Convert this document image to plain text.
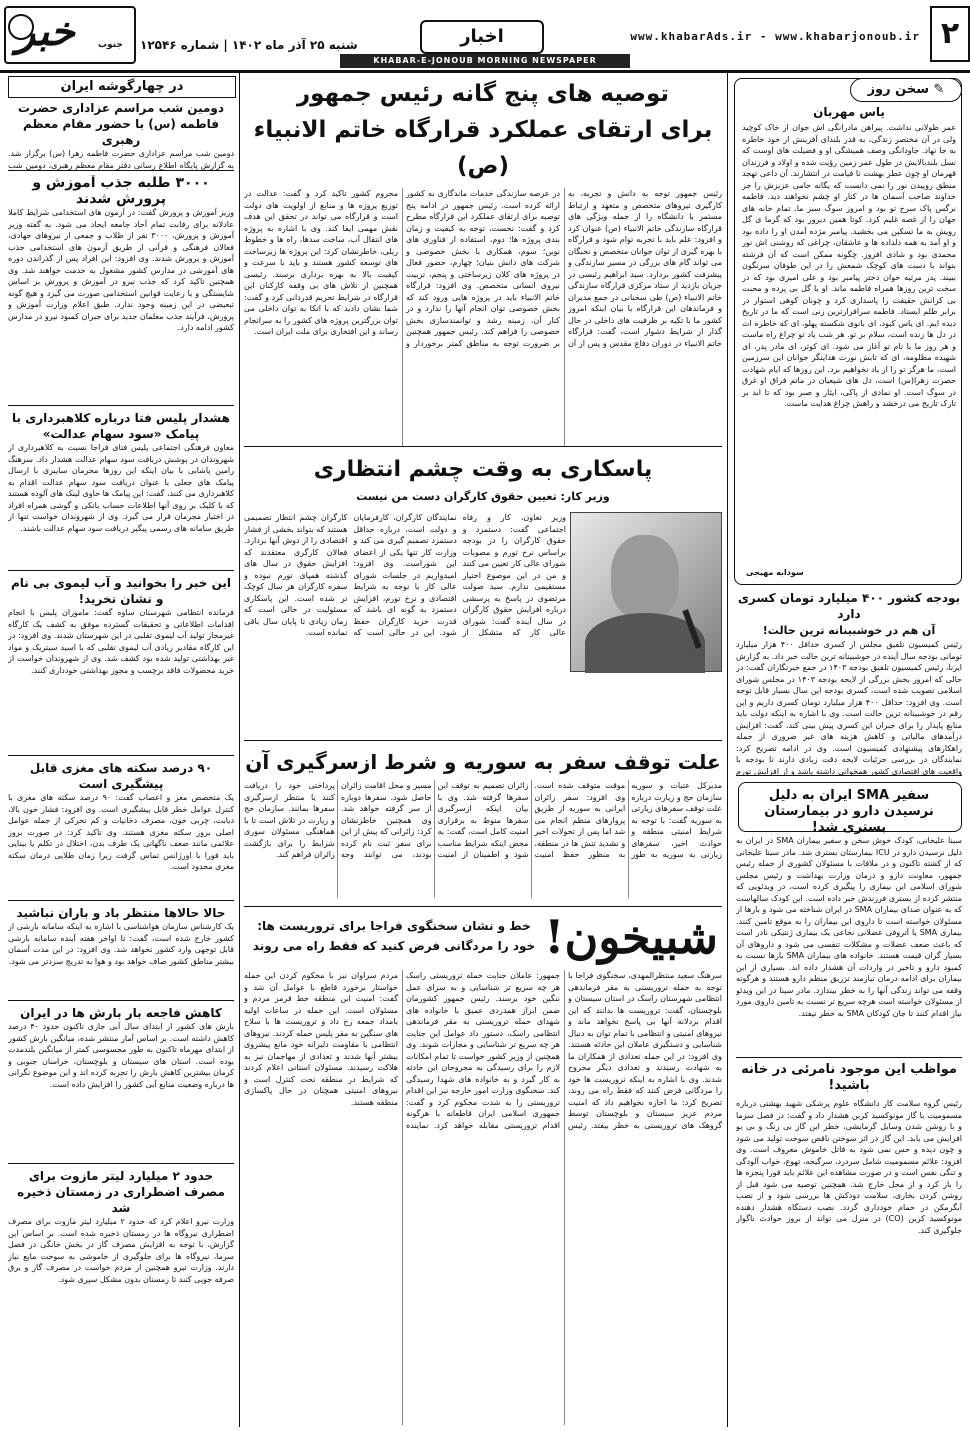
۲
www.khabarAds.ir - www.khabarjonoub.ir
اخبار
KHABAR-E-JONOUB MORNING NEWSPAPER
شنبه ۲۵ آذر ماه ۱۴۰۲ | شماره ۱۲۵۴۶
خبر	جنوب
✎ سخن روز
یاس مهربان
عمر طولانی نداشت. پیراهن مادرانگی اش جوان از خاک کوچید ولی در آن مختصر زندگی، به قدر بلندای آفرینش از خود خاطره به جا نهاد. جاودانگی وصف همیشگی او و فضیلت های اوست که نسل بلندبالایش در طول عمر زمین رؤیت شده و اولاد و فرزندان قهرمان او چون عطر بهشت تا قیامت در انتشارند. آن داعی تهجد منطق روییدن نور را نمی دانست که یگانه حامی عزیزش را جز خداوند صاحب آسمان ها در کنار او چشم نخواهند دید. فاطمه نرگس پاک سرخ تو بود و امروز سوگ سبز ما. تمام خانه های جهان را از غصه غلیم کرد. کوتا همین دیروز بود که گرما ی گل رویش به ما تسکین می بخشید. پیامبر مژده آمدن او را داده بود و او آمد به همه دلداده ها و عاشقان، چراغی که روشنی اش نور محمدی بود و شادی افروز. چگونه ممکن است که آن فرشته بتواند با دست های کوچک شمعش را در این طوفان سرنگون ببیند. پدر مرثیه خوان دختر پیامبر بود و علی امیری بود که در سخت ترین روزها همراه فاطمه ماند. او با گل بی پرده و محبت بی کرانش حقیقت را پاسداری کرد و چونان کوهی استوار در برابر ظلم ایستاد. فاطمه سرافرازترین زنی است که ما در تاریخ دیده ایم. ای یاس کبود، ای بانوی شکسته پهلو، ای که خاطره ات در دل ها زنده است، سلام بر تو. هر شب یاد تو چراغ راه ماست و هر روز ما با نام تو آغاز می شود. ای کوثر، ای مادر پدر، ای شهیده مظلومه، ای که تابش نورت هدایتگر جوانان این سرزمین است، ما هرگز تو را از یاد نخواهیم برد. این روزها که ایام شهادت حضرت زهرا(س) است، دل های شیعیان در ماتم فراق او غرق در سوگ است. او نمادی از پاکی، ایثار و صبر بود که تا ابد بر تارک تاریخ می درخشد و راهش چراغ هدایت ماست.
سودابه مهیجی
بودجه کشور ۴۰۰ میلیارد تومان کسری دارد
آن هم در خوشبینانه ترین حالت!
رئیس کمیسیون تلفیق مجلس از کسری حداقل ۴۰۰ هزار میلیارد تومانی بودجه سال آینده در خوشبینانه ترین حالت خبر داد. به گزارش ایرنا، رئیس کمیسیون تلفیق بودجه ۱۴۰۳ در جمع خبرنگاران گفت: در حالی که امروز بخش بزرگی از لایحه بودجه ۱۴۰۳ در مجلس شورای اسلامی تصویب شده است، کسری بودجه این سال بسیار قابل توجه است. وی افزود: حداقل ۴۰۰ هزار میلیارد تومان کسری داریم و این رقم در خوشبینانه ترین حالت است. وی با اشاره به اینکه دولت باید منابع پایدار را برای جبران این کسری پیش بینی کند، گفت: افزایش درآمدهای مالیاتی و کاهش هزینه های غیر ضروری از جمله راهکارهای پیشنهادی کمیسیون است. وی در ادامه تصریح کرد: نمایندگان در بررسی جزئیات لایحه دقت زیادی دارند تا بودجه با واقعیت های اقتصادی کشور همخوانی داشته باشد و از افزایش تورم
سفیر SMA ایران به دلیل نرسیدن دارو در بیمارستان بستری شد!
سینا علیخانی، کودک خوش سخن و سفیر بیماران SMA در ایران به دلیل نرسیدن دارو در ICU بیمارستان بستری شد. مادر سینا علیخانی که از کشته تاکنون و در ملاقات با مسئولان کشوری از جمله رئیس جمهور، معاونت دارو و درمان وزارت بهداشت و رئیس مجلس شورای اسلامی این بیماری را پیگیری کرده است، در ویدئویی که منتشر کرده از بستری فرزندش خبر داده است. این کودک سالهاست که به عنوان صدای بیماران SMA در ایران شناخته می شود و بارها از مسئولان خواسته است تا داروی این بیماران را به موقع تامین کنند. بیماری SMA یا آتروفی عضلانی نخاعی یک بیماری ژنتیکی نادر است که باعث ضعف عضلات و مشکلات تنفسی می شود و داروهای آن بسیار گران قیمت هستند. خانواده های بیماران SMA بارها نسبت به کمبود دارو و تاخیر در واردات آن هشدار داده اند. بسیاری از این بیماران برای ادامه درمان نیازمند تزریق منظم دارو هستند و هرگونه وقفه می تواند زندگی آنها را به خطر بیندازد. مادر سینا در این ویدئو از مسئولان خواسته است هرچه سریع تر نسبت به تامین داروی مورد نیاز اقدام کنند تا جان کودکان SMA به خطر نیفتد.
مواظب این موجود نامرئی در خانه باشید!
رئیس گروه سلامت کار دانشگاه علوم پزشکی شهید بهشتی درباره مسمومیت با گاز مونوکسید کربن هشدار داد و گفت: در فصل سرما و با روشن شدن وسایل گرمایشی، خطر این گاز بی رنگ و بی بو افزایش می یابد. این گاز در اثر سوختن ناقص سوخت تولید می شود و چون دیده و حس نمی شود به قاتل خاموش معروف است. وی افزود: علائم مسمومیت شامل سردرد، سرگیجه، تهوع، خواب آلودگی و تنگی نفس است و در صورت مشاهده این علائم باید فورا پنجره ها را باز کرد و از محل خارج شد. همچنین توصیه می شود قبل از روشن کردن بخاری، سلامت دودکش ها بررسی شود و از نصب آبگرمکن در حمام خودداری گردد. نصب دستگاه هشدار دهنده مونوکسید کربن (CO) در منزل می تواند از بروز حوادث ناگوار جلوگیری کند.
توصیه های پنج گانه رئیس جمهور
برای ارتقای عملکرد قرارگاه خاتم الانبیاء (ص)
رئیس جمهور توجه به دانش و تجربه، به کارگیری نیروهای متخصص و متعهد و ارتباط مستمر با دانشگاه را از جمله ویژگی های قرارگاه سازندگی خاتم الانبیاء (ص) عنوان کرد و افزود: علم باید با تجربه توام شود و قرارگاه با بهره گیری از توان جوانان متخصص و نخبگان می تواند گام های بزرگی در مسیر سازندگی و پیشرفت کشور بردارد. سید ابراهیم رئیسی در جریان بازدید از ستاد مرکزی قرارگاه سازندگی خاتم الانبیاء (ص) طی سخنانی در جمع مدیران و فرماندهان این قرارگاه با بیان اینکه امروز کشور ما با تکیه بر ظرفیت های داخلی در حال گذار از شرایط دشوار است، گفت: قرارگاه خاتم الانبیاء در دوران دفاع مقدس و پس از آن در عرصه سازندگی خدمات ماندگاری به کشور ارائه کرده است. رئیس جمهور در ادامه پنج توصیه برای ارتقای عملکرد این قرارگاه مطرح کرد و گفت: نخست، توجه به کیفیت و زمان بندی پروژه ها؛ دوم، استفاده از فناوری های نوین؛ سوم، همکاری با بخش خصوصی و شرکت های دانش بنیان؛ چهارم، حضور فعال در پروژه های کلان زیرساختی و پنجم، تربیت نیروی انسانی متخصص. وی افزود: قرارگاه خاتم الانبیاء باید در پروژه هایی ورود کند که بخش خصوصی توان انجام آنها را ندارد و در کنار آن، زمینه رشد و توانمندسازی بخش خصوصی را فراهم کند. رئیس جمهور همچنین بر ضرورت توجه به مناطق کمتر برخوردار و محروم کشور تاکید کرد و گفت: عدالت در توزیع پروژه ها و منابع از اولویت های دولت است و قرارگاه می تواند در تحقق این هدف نقش مهمی ایفا کند. وی با اشاره به پروژه های انتقال آب، ساخت سدها، راه ها و خطوط ریلی، خاطرنشان کرد: این پروژه ها زیرساخت های توسعه کشور هستند و باید با سرعت و کیفیت بالا به بهره برداری برسند. رئیسی همچنین از تلاش های بی وقفه کارکنان این قرارگاه در شرایط تحریم قدردانی کرد و گفت: شما نشان دادید که با اتکا به توان داخلی می توان بزرگترین پروژه های کشور را به سرانجام رساند و این افتخاری برای ملت ایران است.
پاسکاری به وقت چشم انتظاری
وزیر کار: تعیین حقوق کارگران دست من نیست
وزیر تعاون، کار و رفاه اجتماعی گفت: دستمزد و حقوق کارگران را در بودجه براساس نرخ تورم و مصوبات شورای عالی کار تعیین می کنند و من در این موضوع اختیار مستقیمی ندارم. سید صولت مرتضوی در پاسخ به پرسشی درباره افزایش حقوق کارگران در سال آینده گفت: شورای عالی کار که متشکل از نمایندگان کارگران، کارفرمایان و دولت است، درباره حداقل دستمزد تصمیم گیری می کند و وزارت کار تنها یکی از اعضای این شوراست. وی افزود: امیدواریم در جلسات شورای عالی کار با توجه به شرایط اقتصادی و نرخ تورم، افزایش دستمزد به گونه ای باشد که قدرت خرید کارگران حفظ شود. این در حالی است که کارگران چشم انتظار تصمیمی هستند که بتواند بخشی از فشار اقتصادی را از دوش آنها بردارد. فعالان کارگری معتقدند که افزایش حقوق در سال های گذشته همپای تورم نبوده و سفره کارگران هر سال کوچک تر شده است. این پاسکاری مسئولیت در حالی است که زمان زیادی تا پایان سال باقی نمانده است.
علت توقف سفر به سوریه و شرط ازسرگیری آن
مدیرکل عتبات و سوریه سازمان حج و زیارت درباره علت توقف سفرهای زیارتی به سوریه گفت: با توجه به شرایط امنیتی منطقه و حوادث اخیر، سفرهای زیارتی به سوریه به طور موقت متوقف شده است. وی افزود: سفر زائران ایرانی به سوریه از طریق پروازهای منظم انجام می شد اما پس از تحولات اخیر و تشدید تنش ها در منطقه، به منظور حفظ امنیت زائران تصمیم به توقف این سفرها گرفته شد. وی با بیان اینکه ازسرگیری سفرها منوط به برقراری امنیت کامل است، گفت: به محض اینکه شرایط مناسب شود و اطمینان از امنیت مسیر و محل اقامت زائران حاصل شود، سفرها دوباره از سر گرفته خواهد شد. وی همچنین خاطرنشان کرد: زائرانی که پیش از این برای سفر ثبت نام کرده بودند، می توانند وجه پرداختی خود را دریافت کنند یا منتظر ازسرگیری سفرها بمانند. سازمان حج و زیارت در تلاش است تا با هماهنگی مسئولان سوری شرایط را برای بازگشت زائران فراهم کند.
شبیخون!
خط و نشان سخنگوی فراجا برای تروریست ها:
خود را مردگانی فرض کنید که فقط راه می روند
سرهنگ سعید منتظرالمهدی، سخنگوی فراجا با توجه به حمله تروریستی به مقر فرماندهی انتظامی شهرستان راسک در استان سیستان و بلوچستان، گفت: تروریست ها بدانند که این اقدام بزدلانه آنها بی پاسخ نخواهد ماند و نیروهای امنیتی و انتظامی با تمام توان به دنبال شناسایی و دستگیری عاملان این حادثه هستند. وی افزود: در این حمله تعدادی از همکاران ما به شهادت رسیدند و تعدادی دیگر مجروح شدند. وی با اشاره به اینکه تروریست ها خود را مردگانی فرض کنند که فقط راه می روند، تصریح کرد: ما اجازه نخواهیم داد که امنیت مردم عزیز سیستان و بلوچستان توسط گروهک های تروریستی به خطر بیفتد. رئیس جمهور: عاملان جنایت حمله تروریستی راسک هر چه سریع تر شناسایی و به سزای عمل ننگین خود برسند. رئیس جمهور کشورمان ضمن ابراز همدردی عمیق با خانواده های شهدای حمله تروریستی به مقر فرماندهی انتظامی راسک، دستور داد عوامل این جنایت هر چه سریع تر شناسایی و مجازات شوند. وی همچنین از وزیر کشور خواست تا تمام امکانات لازم را برای رسیدگی به مجروحان این حادثه به کار گیرد و به خانواده های شهدا رسیدگی کند. سخنگوی وزارت امور خارجه نیز این اقدام تروریستی را به شدت محکوم کرد و گفت: جمهوری اسلامی ایران قاطعانه با هرگونه اقدام تروریستی مقابله خواهد کرد. نماینده مردم سراوان نیز با محکوم کردن این حمله خواستار برخورد قاطع با عوامل آن شد و گفت: امنیت این منطقه خط قرمز مردم و مسئولان است. این حمله در ساعات اولیه بامداد جمعه رخ داد و تروریست ها با سلاح های سنگین به مقر پلیس حمله کردند. نیروهای انتظامی با مقاومت دلیرانه خود مانع پیشروی بیشتر آنها شدند و تعدادی از مهاجمان نیز به هلاکت رسیدند. مسئولان استانی اعلام کردند که شرایط در منطقه تحت کنترل است و نیروهای امنیتی همچنان در حال پاکسازی منطقه هستند.
در چهارگوشه ایران
دومین شب مراسم عزاداری حضرت فاطمه (س) با حضور مقام معظم رهبری
دومین شب مراسم عزاداری حضرت فاطمه زهرا (س) برگزار شد. به گزارش پایگاه اطلاع رسانی دفتر مقام معظم رهبری، دومین شب
۳۰۰۰ طلبه جذب آموزش و پرورش شدند
وزیر آموزش و پرورش گفت: در آزمون های استخدامی شرایط کاملا عادلانه برای رقابت تمام آحاد جامعه ایجاد می شود. به گفته وزیر آموزش و پرورش، ۳۰۰۰ نفر از طلاب و جمعی از نیروهای جهادی، فعالان فرهنگی و قرآنی از طریق آزمون های استخدامی جذب آموزش و پرورش شدند. وی افزود: این افراد پس از گذراندن دوره های آموزشی در مدارس کشور مشغول به خدمت خواهند شد. وی همچنین تاکید کرد که جذب نیرو در آموزش و پرورش بر اساس شایستگی و با رعایت قوانین استخدامی صورت می گیرد و هیچ گونه تبعیضی در این زمینه وجود ندارد. طبق اعلام وزارت آموزش و پرورش، فرآیند جذب معلمان جدید برای جبران کمبود نیرو در مدارس کشور ادامه دارد.
هشدار پلیس فتا درباره کلاهبرداری با پیامک «سود سهام عدالت»
معاون فرهنگی اجتماعی پلیس فتای فراجا نسبت به کلاهبرداری از شهروندان در پوشش دریافت سود سهام عدالت هشدار داد. سرهنگ رامین پاشایی با بیان اینکه این روزها مجرمان سایبری با ارسال پیامک های جعلی با عنوان دریافت سود سهام عدالت اقدام به کلاهبرداری می کنند، گفت: این پیامک ها حاوی لینک های آلوده هستند که با کلیک بر روی آنها اطلاعات حساب بانکی و گوشی همراه افراد در اختیار مجرمان قرار می گیرد. وی از شهروندان خواست تنها از طریق سامانه های رسمی پیگیر دریافت سود سهام عدالت باشند.
این خبر را بخوانید و آب لیموی بی نام و نشان نخرید!
فرمانده انتظامی شهرستان ساوه گفت: ماموران پلیس با انجام اقدامات اطلاعاتی و تحقیقات گسترده موفق به کشف یک کارگاه غیرمجاز تولید آب لیموی تقلبی در این شهرستان شدند. وی افزود: در این کارگاه مقادیر زیادی آب لیموی تقلبی که با اسید سیتریک و مواد غیر بهداشتی تولید شده بود کشف شد. وی از شهروندان خواست از خرید محصولات فاقد برچسب و مجوز بهداشتی خودداری کنند.
۹۰ درصد سکته های مغزی قابل پیشگیری است
یک متخصص مغز و اعصاب گفت: ۹۰ درصد سکته های مغزی با کنترل عوامل خطر قابل پیشگیری است. وی افزود: فشار خون بالا، دیابت، چربی خون، مصرف دخانیات و کم تحرکی از جمله عوامل اصلی بروز سکته مغزی هستند. وی تاکید کرد: در صورت بروز علائمی مانند ضعف ناگهانی یک طرف بدن، اختلال در تکلم یا بینایی باید فورا با اورژانس تماس گرفت زیرا زمان طلایی درمان سکته مغزی محدود است.
حالا حالاها منتظر باد و باران نباشید
یک کارشناس سازمان هواشناسی با اشاره به اینکه سامانه بارشی از کشور خارج شده است، گفت: تا اواخر هفته آینده سامانه بارشی قابل توجهی وارد کشور نخواهد شد. وی افزود: در این مدت آسمان بیشتر مناطق کشور صاف خواهد بود و هوا به تدریج سردتر می شود.
کاهش فاجعه بار بارش ها در ایران
بارش های کشور از ابتدای سال آبی جاری تاکنون حدود ۴۰ درصد کاهش داشته است. بر اساس آمار منتشر شده، میانگین بارش کشور از ابتدای مهرماه تاکنون به طور محسوسی کمتر از میانگین بلندمدت بوده است. استان های سیستان و بلوچستان، خراسان جنوبی و کرمان بیشترین کاهش بارش را تجربه کرده اند و این موضوع نگرانی ها درباره وضعیت منابع آبی کشور را افزایش داده است.
حدود ۲ میلیارد لیتر مازوت برای مصرف اضطراری در زمستان ذخیره شد
وزارت نیرو اعلام کرد که حدود ۲ میلیارد لیتر مازوت برای مصرف اضطراری نیروگاه ها در زمستان ذخیره شده است. بر اساس این گزارش، با توجه به افزایش مصرف گاز در بخش خانگی در فصل سرما، نیروگاه ها برای جلوگیری از خاموشی به سوخت مایع نیاز دارند. وزارت نیرو همچنین از مردم خواست در مصرف گاز و برق صرفه جویی کنند تا زمستان بدون مشکل سپری شود.
